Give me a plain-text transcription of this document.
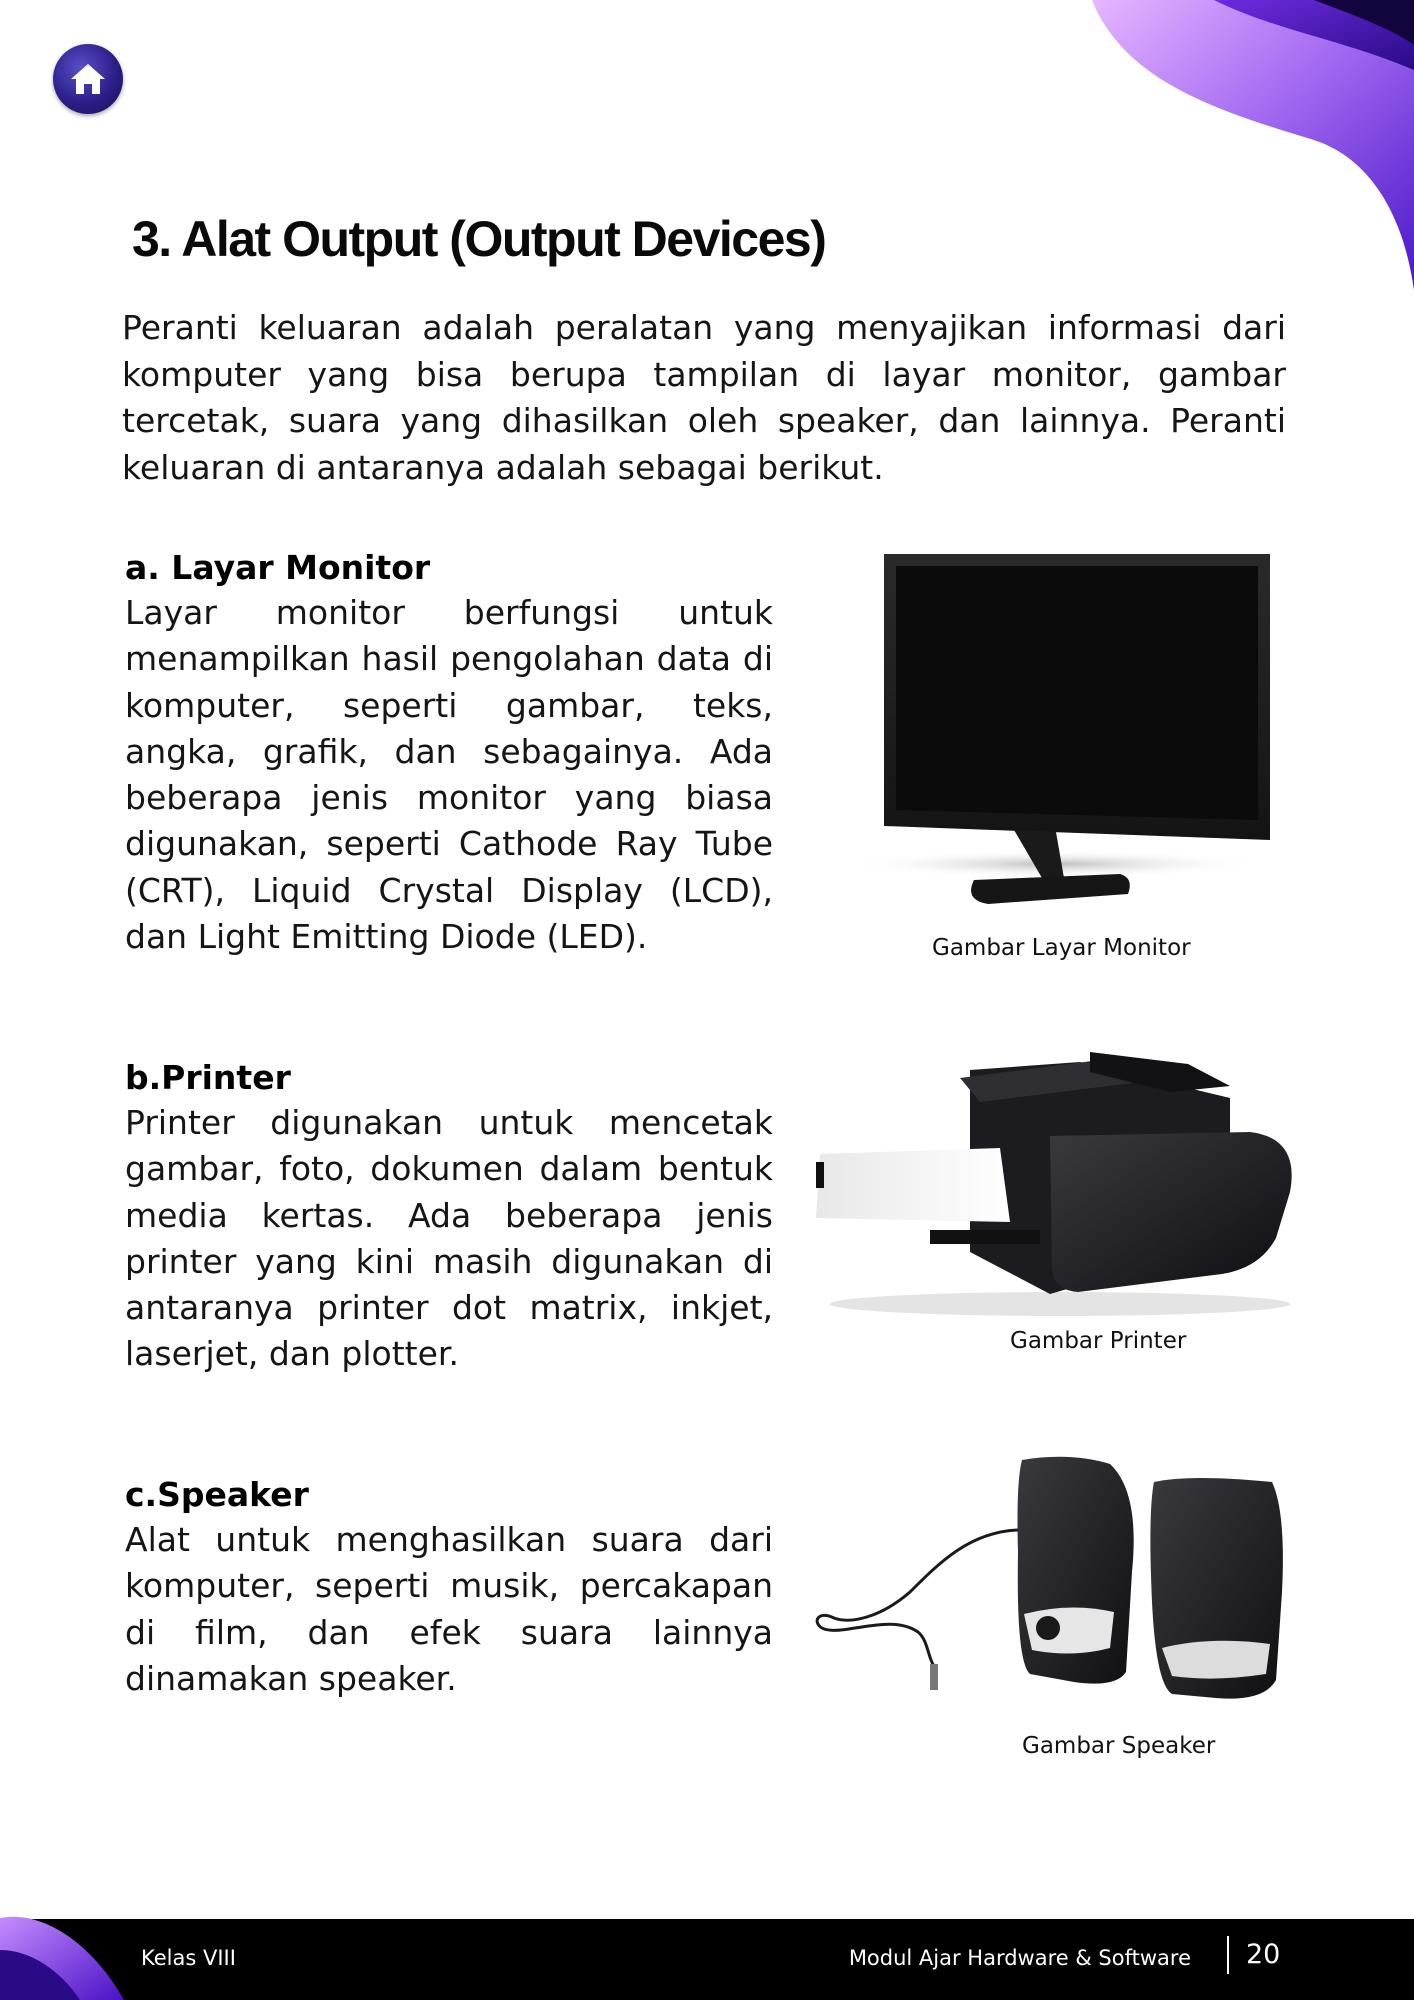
3. Alat Output (Output Devices)

Peranti keluaran adalah peralatan yang menyajikan informasi dari komputer yang bisa berupa tampilan di layar monitor, gambar tercetak, suara yang dihasilkan oleh speaker, dan lainnya. Peranti keluaran di antaranya adalah sebagai berikut.

a. Layar Monitor

Layar monitor berfungsi untuk menampilkan hasil pengolahan data di komputer, seperti gambar, teks, angka, grafik, dan sebagainya. Ada beberapa jenis monitor yang biasa digunakan, seperti Cathode Ray Tube (CRT), Liquid Crystal Display (LCD), dan Light Emitting Diode (LED).	Gambar Layar Monitor

b.Printer

Printer digunakan untuk mencetak gambar, foto, dokumen dalam bentuk media kertas. Ada beberapa jenis printer yang kini masih digunakan di antaranya printer dot matrix, inkjet, laserjet, dan plotter.	Gambar Printer

c.Speaker

Alat untuk menghasilkan suara dari komputer, seperti musik, percakapan di film, dan efek suara lainnya dinamakan speaker.

Gambar Speaker

Kelas VIII	Modul Ajar Hardware & Software 20
